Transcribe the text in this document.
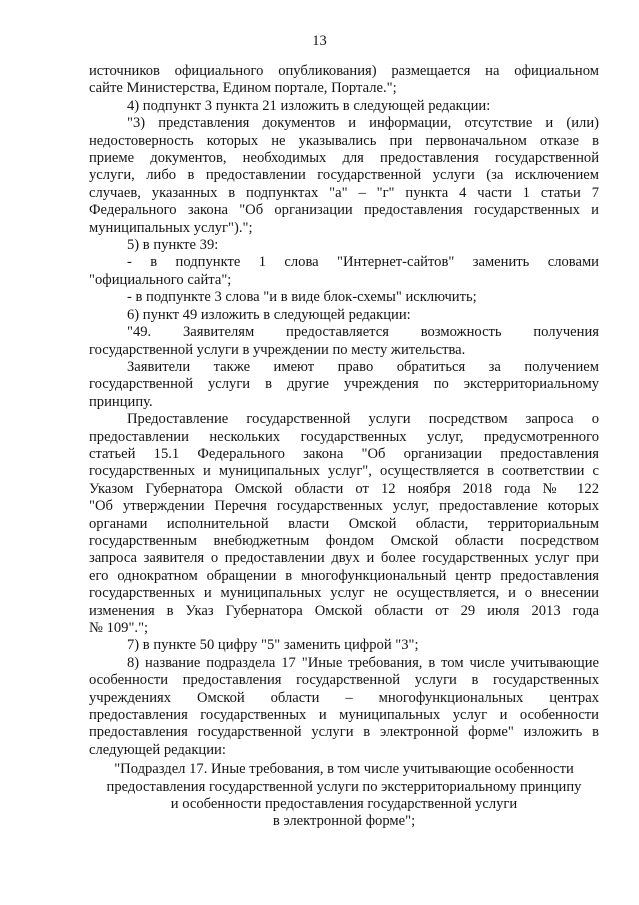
13
источников официального опубликования) размещается на официальном
сайте Министерства, Едином портале, Портале.";
4) подпункт 3 пункта 21 изложить в следующей редакции:
"3) представления документов и информации, отсутствие и (или)
недостоверность которых не указывались при первоначальном отказе в
приеме документов, необходимых для предоставления государственной
услуги, либо в предоставлении государственной услуги (за исключением
случаев, указанных в подпунктах "а" – "г" пункта 4 части 1 статьи 7
Федерального закона "Об организации предоставления государственных и
муниципальных услуг").";
5) в пункте 39:
- в подпункте 1 слова "Интернет-сайтов" заменить словами
"официального сайта";
- в подпункте 3 слова "и в виде блок-схемы" исключить;
6) пункт 49 изложить в следующей редакции:
"49. Заявителям предоставляется возможность получения
государственной услуги в учреждении по месту жительства.
Заявители также имеют право обратиться за получением
государственной услуги в другие учреждения по экстерриториальному
принципу.
Предоставление государственной услуги посредством запроса о
предоставлении нескольких государственных услуг, предусмотренного
статьей 15.1 Федерального закона "Об организации предоставления
государственных и муниципальных услуг", осуществляется в соответствии с
Указом Губернатора Омской области от 12 ноября 2018 года № 122
"Об утверждении Перечня государственных услуг, предоставление которых
органами исполнительной власти Омской области, территориальным
государственным внебюджетным фондом Омской области посредством
запроса заявителя о предоставлении двух и более государственных услуг при
его однократном обращении в многофункциональный центр предоставления
государственных и муниципальных услуг не осуществляется, и о внесении
изменения в Указ Губернатора Омской области от 29 июля 2013 года
№ 109".";
7) в пункте 50 цифру "5" заменить цифрой "3";
8) название подраздела 17 "Иные требования, в том числе учитывающие
особенности предоставления государственной услуги в государственных
учреждениях Омской области – многофункциональных центрах
предоставления государственных и муниципальных услуг и особенности
предоставления государственной услуги в электронной форме" изложить в
следующей редакции:
"Подраздел 17. Иные требования, в том числе учитывающие особенности
предоставления государственной услуги по экстерриториальному принципу
и особенности предоставления государственной услуги
в электронной форме";
